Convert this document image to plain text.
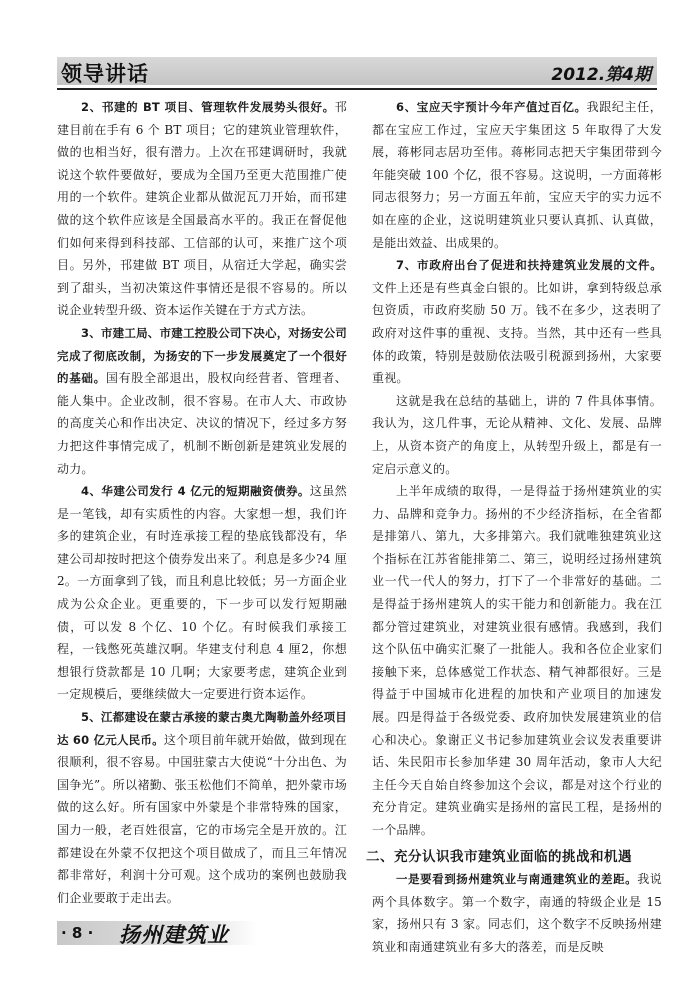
领导讲话	2012.第4期

2、邗建的 BT 项目、管理软件发展势头很好。邗建目前在手有 6 个 BT 项目；它的建筑业管理软件，做的也相当好，很有潜力。上次在邗建调研时，我就说这个软件要做好，要成为全国乃至更大范围推广使用的一个软件。建筑企业都从做泥瓦刀开始，而邗建做的这个软件应该是全国最高水平的。我正在督促他们如何来得到科技部、工信部的认可，来推广这个项目。另外，邗建做 BT 项目，从宿迁大学起，确实尝到了甜头，当初决策这件事情还是很不容易的。所以说企业转型升级、资本运作关键在于方式方法。

3、市建工局、市建工控股公司下决心，对扬安公司完成了彻底改制，为扬安的下一步发展奠定了一个很好的基础。国有股全部退出，股权向经营者、管理者、能人集中。企业改制，很不容易。在市人大、市政协的高度关心和作出决定、决议的情况下，经过多方努力把这件事情完成了，机制不断创新是建筑业发展的动力。

4、华建公司发行 4 亿元的短期融资债券。这虽然是一笔钱，却有实质性的内容。大家想一想，我们许多的建筑企业，有时连承接工程的垫底钱都没有，华建公司却按时把这个债券发出来了。利息是多少?4 厘 2。一方面拿到了钱，而且利息比较低；另一方面企业成为公众企业。更重要的，下一步可以发行短期融债，可以发 8 个亿、10 个亿。有时候我们承接工程，一钱憋死英雄汉啊。华建支付利息 4 厘2，你想想银行贷款都是 10 几啊；大家要考虑，建筑企业到一定规模后，要继续做大一定要进行资本运作。

5、江都建设在蒙古承接的蒙古奥尤陶勒盖外经项目达 60 亿元人民币。这个项目前年就开始做，做到现在很顺利，很不容易。中国驻蒙古大使说“十分出色、为国争光”。所以褚勤、张玉松他们不简单，把外蒙市场做的这么好。所有国家中外蒙是个非常特殊的国家，国力一般，老百姓很富，它的市场完全是开放的。江都建设在外蒙不仅把这个项目做成了，而且三年情况都非常好，利润十分可观。这个成功的案例也鼓励我们企业要敢于走出去。

6、宝应天宇预计今年产值过百亿。我跟纪主任，都在宝应工作过，宝应天宇集团这 5 年取得了大发展，蒋彬同志居功至伟。蒋彬同志把天宇集团带到今年能突破 100 个亿，很不容易。这说明，一方面蒋彬同志很努力；另一方面五年前，宝应天宇的实力远不如在座的企业，这说明建筑业只要认真抓、认真做，是能出效益、出成果的。

7、市政府出台了促进和扶持建筑业发展的文件。文件上还是有些真金白银的。比如讲，拿到特级总承包资质，市政府奖励 50 万。钱不在多少，这表明了政府对这件事的重视、支持。当然，其中还有一些具体的政策，特别是鼓励依法吸引税源到扬州，大家要重视。

这就是我在总结的基础上，讲的 7 件具体事情。我认为，这几件事，无论从精神、文化、发展、品牌上，从资本资产的角度上，从转型升级上，都是有一定启示意义的。

上半年成绩的取得，一是得益于扬州建筑业的实力、品牌和竞争力。扬州的不少经济指标，在全省都是排第八、第九，大多排第六。我们就唯独建筑业这个指标在江苏省能排第二、第三，说明经过扬州建筑业一代一代人的努力，打下了一个非常好的基础。二是得益于扬州建筑人的实干能力和创新能力。我在江都分管过建筑业，对建筑业很有感情。我感到，我们这个队伍中确实汇聚了一批能人。我和各位企业家们接触下来，总体感觉工作状态、精气神都很好。三是得益于中国城市化进程的加快和产业项目的加速发展。四是得益于各级党委、政府加快发展建筑业的信心和决心。象谢正义书记参加建筑业会议发表重要讲话、朱民阳市长参加华建 30 周年活动，象市人大纪主任今天自始自终参加这个会议，都是对这个行业的充分肯定。建筑业确实是扬州的富民工程，是扬州的一个品牌。

二、充分认识我市建筑业面临的挑战和机遇

一是要看到扬州建筑业与南通建筑业的差距。我说两个具体数字。第一个数字，南通的特级企业是 15 家，扬州只有 3 家。同志们，这个数字不反映扬州建筑业和南通建筑业有多大的落差，而是反映

· 8 · 扬州建筑业
